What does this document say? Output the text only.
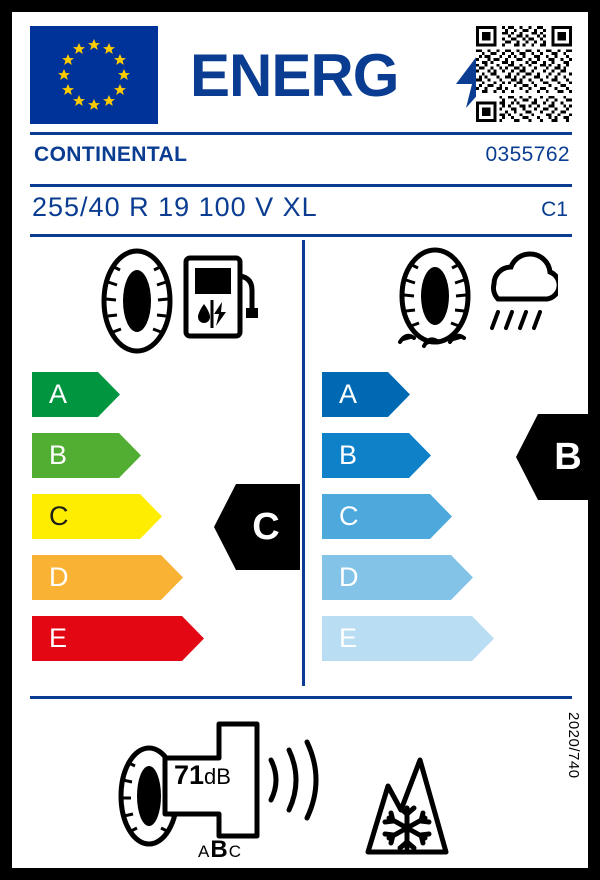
ENERG
CONTINENTAL	0355762
255/40 R 19 100 V XL	C1
A
B
C
D
E
C
A
B
C
D
E
B
71dB
ABC
2020/740
